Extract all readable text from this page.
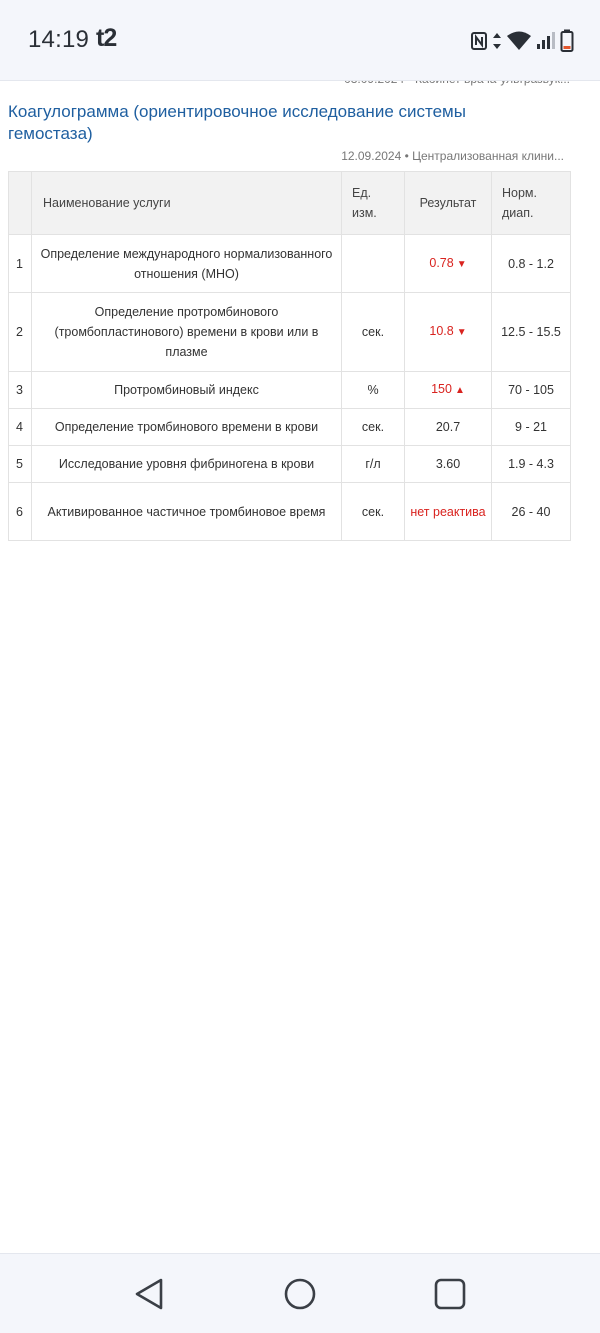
14:19 t2
Коагулограмма (ориентировочное исследование системы гемостаза)
12.09.2024 • Централизованная клини...
	Наименование услуги	Ед. изм.	Результат	Норм. диап.
1	Определение международного нормализованного отношения (МНО)		0.78 ▼	0.8 - 1.2
2	Определение протромбинового (тромбопластинового) времени в крови или в плазме	сек.	10.8 ▼	12.5 - 15.5
3	Протромбиновый индекс	%	150 ▲	70 - 105
4	Определение тромбинового времени в крови	сек.	20.7	9 - 21
5	Исследование уровня фибриногена в крови	г/л	3.60	1.9 - 4.3
6	Активированное частичное тромбиновое время	сек.	нет реактива	26 - 40
